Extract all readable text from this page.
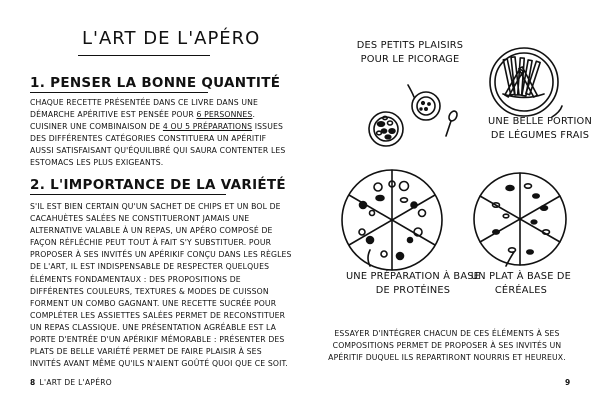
L'ART DE L'APÉRO
1. PENSER LA BONNE QUANTITÉ

CHAQUE RECETTE PRÉSENTÉE DANS CE LIVRE DANS UNE DÉMARCHE APÉRITIVE EST PENSÉE POUR 6 PERSONNES. CUISINER UNE COMBINAISON DE 4 OU 5 PRÉPARATIONS ISSUES DES DIFFÉRENTES CATÉGORIES CONSTITUERA UN APÉRITIF AUSSI SATISFAISANT QU'ÉQUILIBRÉ QUI SAURA CONTENTER LES ESTOMACS LES PLUS EXIGEANTS.

2. L'IMPORTANCE DE LA VARIÉTÉ

S'IL EST BIEN CERTAIN QU'UN SACHET DE CHIPS ET UN BOL DE CACAHUÈTES SALÉES NE CONSTITUERONT JAMAIS UNE ALTERNATIVE VALABLE À UN REPAS, UN APÉRO COMPOSÉ DE FAÇON RÉFLÉCHIE PEUT TOUT À FAIT S'Y SUBSTITUER. POUR PROPOSER À SES INVITÉS UN APÉRIKIF CONÇU DANS LES RÈGLES DE L'ART, IL EST INDISPENSABLE DE RESPECTER QUELQUES ÉLÉMENTS FONDAMENTAUX : DES PROPOSITIONS DE DIFFÉRENTES COULEURS, TEXTURES & MODES DE CUISSON FORMENT UN COMBO GAGNANT. UNE RECETTE SUCRÉE POUR COMPLÉTER LES ASSIETTES SALÉES PERMET DE RECONSTITUER UN REPAS CLASSIQUE. UNE PRÉSENTATION AGRÉABLE EST LA PORTE D'ENTRÉE D'UN APÉRIKIF MÉMORABLE : PRÉSENTER DES PLATS DE BELLE VARIÉTÉ PERMET DE FAIRE PLAISIR À SES INVITÉS AVANT MÊME QU'ILS N'AIENT GOÛTÉ QUOI QUE CE SOIT.

8 L'ART DE L'APÉRO

DES PETITS PLAISIRS POUR LE PICORAGE

UNE BELLE PORTION DE LÉGUMES FRAIS

UNE PRÉPARATION À BASE DE PROTÉINES

UN PLAT À BASE DE CÉRÉALES

ESSAYER D'INTÉGRER CHACUN DE CES ÉLÉMENTS À SES COMPOSITIONS PERMET DE PROPOSER À SES INVITÉS UN APÉRITIF DUQUEL ILS REPARTIRONT NOURRIS ET HEUREUX.

9
